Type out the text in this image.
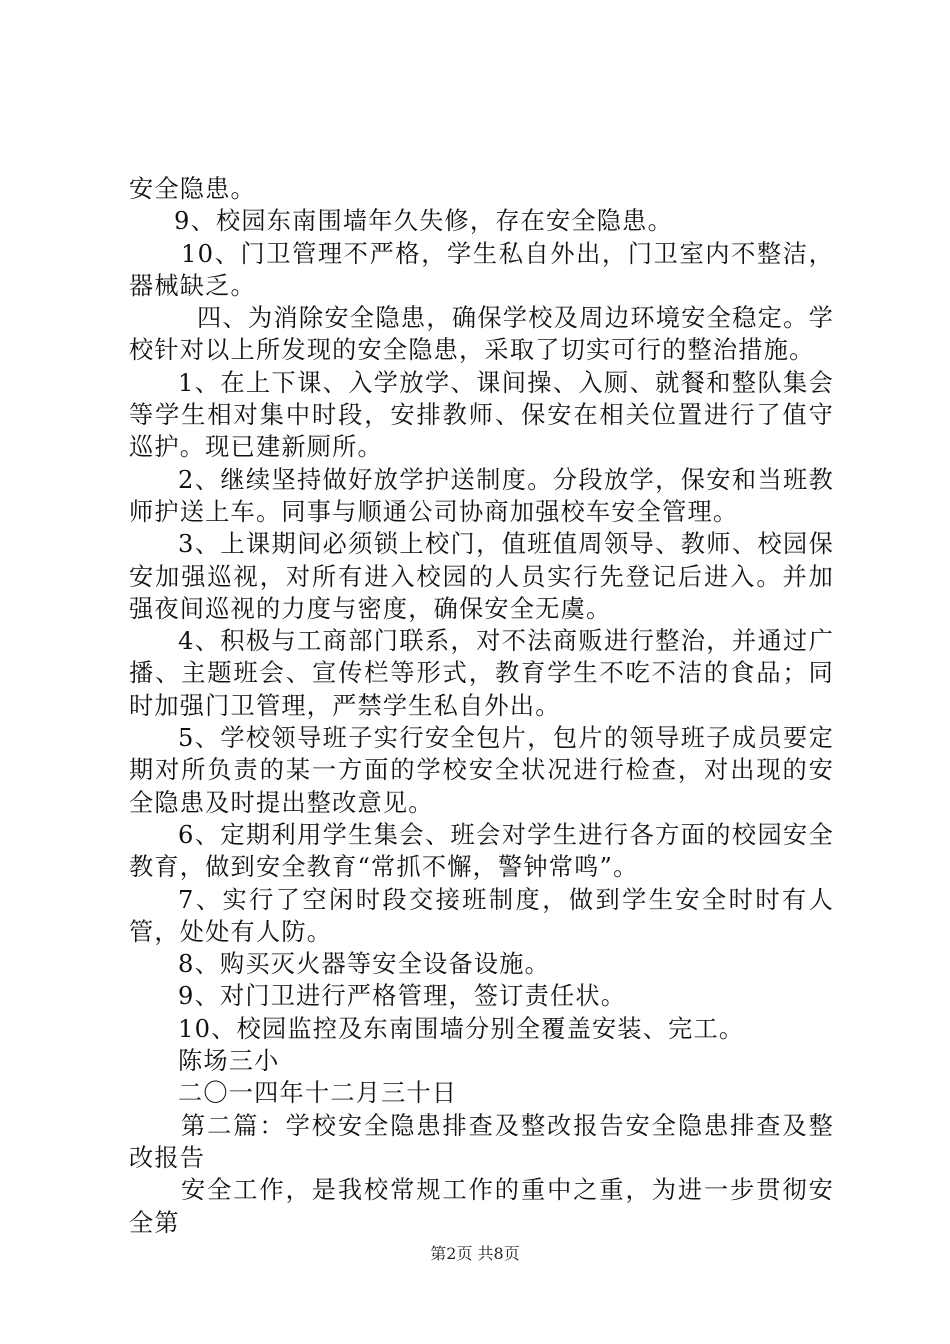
安全隐患。

9、校园东南围墙年久失修，存在安全隐患。

10、门卫管理不严格，学生私自外出，门卫室内不整洁，器械缺乏。

四、为消除安全隐患，确保学校及周边环境安全稳定。学校针对以上所发现的安全隐患，采取了切实可行的整治措施。

1、在上下课、入学放学、课间操、入厕、就餐和整队集会等学生相对集中时段，安排教师、保安在相关位置进行了值守巡护。现已建新厕所。

2、继续坚持做好放学护送制度。分段放学，保安和当班教师护送上车。同事与顺通公司协商加强校车安全管理。

3、上课期间必须锁上校门，值班值周领导、教师、校园保安加强巡视，对所有进入校园的人员实行先登记后进入。并加强夜间巡视的力度与密度，确保安全无虞。

4、积极与工商部门联系，对不法商贩进行整治，并通过广播、主题班会、宣传栏等形式，教育学生不吃不洁的食品；同时加强门卫管理，严禁学生私自外出。

5、学校领导班子实行安全包片，包片的领导班子成员要定期对所负责的某一方面的学校安全状况进行检查，对出现的安全隐患及时提出整改意见。

6、定期利用学生集会、班会对学生进行各方面的校园安全教育，做到安全教育“常抓不懈，警钟常鸣”。

7、实行了空闲时段交接班制度，做到学生安全时时有人管，处处有人防。

8、购买灭火器等安全设备设施。

9、对门卫进行严格管理，签订责任状。

10、校园监控及东南围墙分别全覆盖安装、完工。

陈场三小

二〇一四年十二月三十日

第二篇：学校安全隐患排查及整改报告安全隐患排查及整改报告

安全工作，是我校常规工作的重中之重，为进一步贯彻安全第

第2页 共8页
